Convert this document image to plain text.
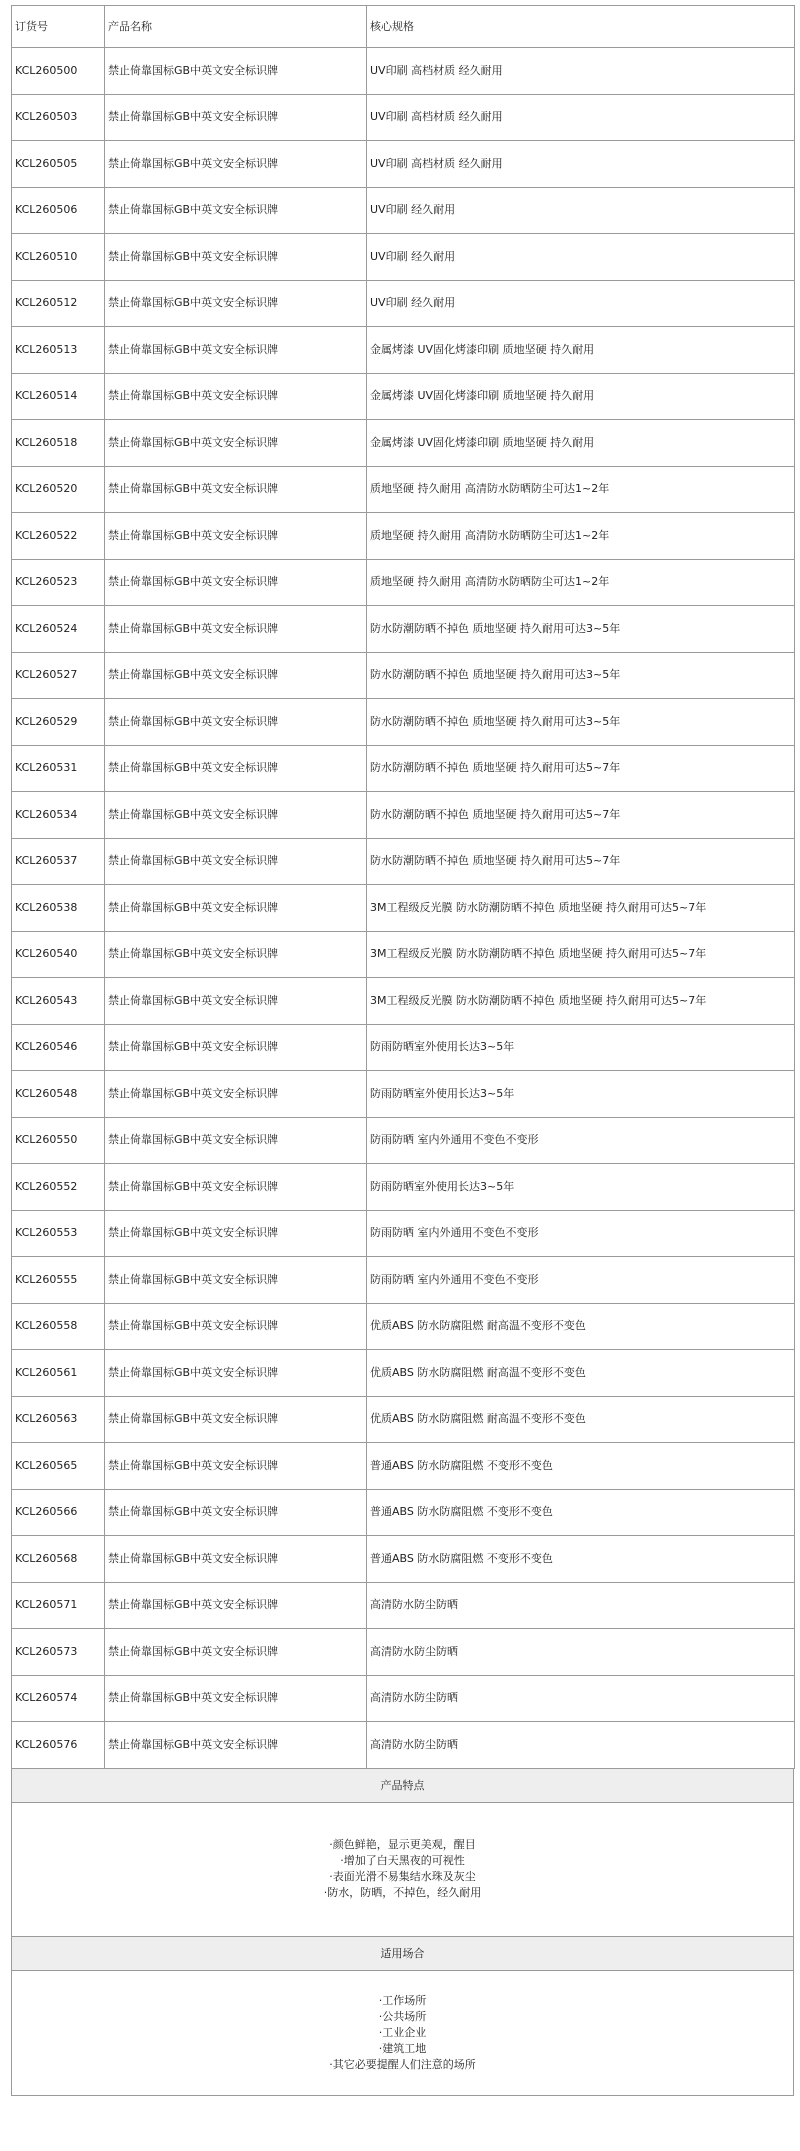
订货号	产品名称	核心规格
KCL260500	禁止倚靠国标GB中英文安全标识牌	UV印刷 高档材质 经久耐用
KCL260503	禁止倚靠国标GB中英文安全标识牌	UV印刷 高档材质 经久耐用
KCL260505	禁止倚靠国标GB中英文安全标识牌	UV印刷 高档材质 经久耐用
KCL260506	禁止倚靠国标GB中英文安全标识牌	UV印刷 经久耐用
KCL260510	禁止倚靠国标GB中英文安全标识牌	UV印刷 经久耐用
KCL260512	禁止倚靠国标GB中英文安全标识牌	UV印刷 经久耐用
KCL260513	禁止倚靠国标GB中英文安全标识牌	金属烤漆 UV固化烤漆印刷 质地坚硬 持久耐用
KCL260514	禁止倚靠国标GB中英文安全标识牌	金属烤漆 UV固化烤漆印刷 质地坚硬 持久耐用
KCL260518	禁止倚靠国标GB中英文安全标识牌	金属烤漆 UV固化烤漆印刷 质地坚硬 持久耐用
KCL260520	禁止倚靠国标GB中英文安全标识牌	质地坚硬 持久耐用 高清防水防晒防尘可达1~2年
KCL260522	禁止倚靠国标GB中英文安全标识牌	质地坚硬 持久耐用 高清防水防晒防尘可达1~2年
KCL260523	禁止倚靠国标GB中英文安全标识牌	质地坚硬 持久耐用 高清防水防晒防尘可达1~2年
KCL260524	禁止倚靠国标GB中英文安全标识牌	防水防潮防晒不掉色 质地坚硬 持久耐用可达3~5年
KCL260527	禁止倚靠国标GB中英文安全标识牌	防水防潮防晒不掉色 质地坚硬 持久耐用可达3~5年
KCL260529	禁止倚靠国标GB中英文安全标识牌	防水防潮防晒不掉色 质地坚硬 持久耐用可达3~5年
KCL260531	禁止倚靠国标GB中英文安全标识牌	防水防潮防晒不掉色 质地坚硬 持久耐用可达5~7年
KCL260534	禁止倚靠国标GB中英文安全标识牌	防水防潮防晒不掉色 质地坚硬 持久耐用可达5~7年
KCL260537	禁止倚靠国标GB中英文安全标识牌	防水防潮防晒不掉色 质地坚硬 持久耐用可达5~7年
KCL260538	禁止倚靠国标GB中英文安全标识牌	3M工程级反光膜 防水防潮防晒不掉色 质地坚硬 持久耐用可达5~7年
KCL260540	禁止倚靠国标GB中英文安全标识牌	3M工程级反光膜 防水防潮防晒不掉色 质地坚硬 持久耐用可达5~7年
KCL260543	禁止倚靠国标GB中英文安全标识牌	3M工程级反光膜 防水防潮防晒不掉色 质地坚硬 持久耐用可达5~7年
KCL260546	禁止倚靠国标GB中英文安全标识牌	防雨防晒室外使用长达3~5年
KCL260548	禁止倚靠国标GB中英文安全标识牌	防雨防晒室外使用长达3~5年
KCL260550	禁止倚靠国标GB中英文安全标识牌	防雨防晒 室内外通用不变色不变形
KCL260552	禁止倚靠国标GB中英文安全标识牌	防雨防晒室外使用长达3~5年
KCL260553	禁止倚靠国标GB中英文安全标识牌	防雨防晒 室内外通用不变色不变形
KCL260555	禁止倚靠国标GB中英文安全标识牌	防雨防晒 室内外通用不变色不变形
KCL260558	禁止倚靠国标GB中英文安全标识牌	优质ABS 防水防腐阻燃 耐高温不变形不变色
KCL260561	禁止倚靠国标GB中英文安全标识牌	优质ABS 防水防腐阻燃 耐高温不变形不变色
KCL260563	禁止倚靠国标GB中英文安全标识牌	优质ABS 防水防腐阻燃 耐高温不变形不变色
KCL260565	禁止倚靠国标GB中英文安全标识牌	普通ABS 防水防腐阻燃 不变形不变色
KCL260566	禁止倚靠国标GB中英文安全标识牌	普通ABS 防水防腐阻燃 不变形不变色
KCL260568	禁止倚靠国标GB中英文安全标识牌	普通ABS 防水防腐阻燃 不变形不变色
KCL260571	禁止倚靠国标GB中英文安全标识牌	高清防水防尘防晒
KCL260573	禁止倚靠国标GB中英文安全标识牌	高清防水防尘防晒
KCL260574	禁止倚靠国标GB中英文安全标识牌	高清防水防尘防晒
KCL260576	禁止倚靠国标GB中英文安全标识牌	高清防水防尘防晒
产品特点
·颜色鲜艳，显示更美观，醒目
·增加了白天黑夜的可视性
·表面光滑不易集结水珠及灰尘
·防水，防晒，不掉色，经久耐用
适用场合
·工作场所
·公共场所
·工业企业
·建筑工地
·其它必要提醒人们注意的场所
